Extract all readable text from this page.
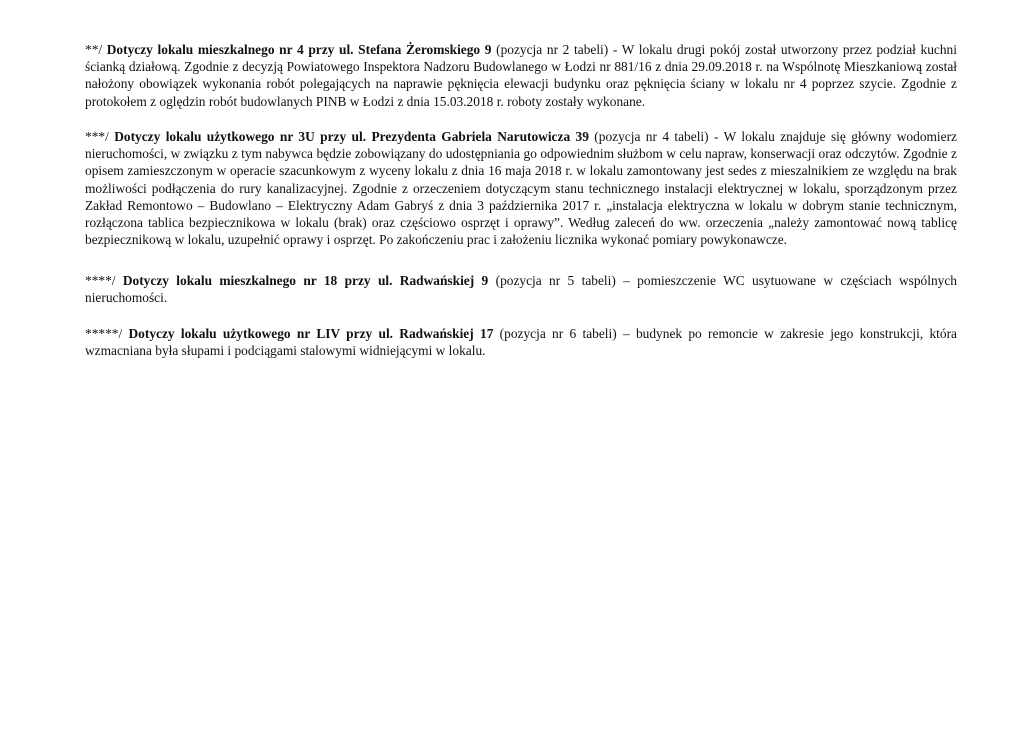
**/ Dotyczy lokalu mieszkalnego nr 4 przy ul. Stefana Żeromskiego 9 (pozycja nr 2 tabeli) - W lokalu drugi pokój został utworzony przez podział kuchni ścianką działową. Zgodnie z decyzją Powiatowego Inspektora Nadzoru Budowlanego w Łodzi nr 881/16 z dnia 29.09.2018 r. na Wspólnotę Mieszkaniową został nałożony obowiązek wykonania robót polegających na naprawie pęknięcia elewacji budynku oraz pęknięcia ściany w lokalu nr 4 poprzez szycie. Zgodnie z protokołem z oględzin robót budowlanych PINB w Łodzi z dnia 15.03.2018 r. roboty zostały wykonane.

***/ Dotyczy lokalu użytkowego nr 3U przy ul. Prezydenta Gabriela Narutowicza 39 (pozycja nr 4 tabeli) - W lokalu znajduje się główny wodomierz nieruchomości, w związku z tym nabywca będzie zobowiązany do udostępniania go odpowiednim służbom w celu napraw, konserwacji oraz odczytów. Zgodnie z opisem zamieszczonym w operacie szacunkowym z wyceny lokalu z dnia 16 maja 2018 r. w lokalu zamontowany jest sedes z mieszalnikiem ze względu na brak możliwości podłączenia do rury kanalizacyjnej. Zgodnie z orzeczeniem dotyczącym stanu technicznego instalacji elektrycznej w lokalu, sporządzonym przez Zakład Remontowo – Budowlano – Elektryczny Adam Gabryś z dnia 3 października 2017 r. „instalacja elektryczna w lokalu w dobrym stanie technicznym, rozłączona tablica bezpiecznikowa w lokalu (brak) oraz częściowo osprzęt i oprawy”. Według zaleceń do ww. orzeczenia „należy zamontować nową tablicę bezpiecznikową w lokalu, uzupełnić oprawy i osprzęt. Po zakończeniu prac i założeniu licznika wykonać pomiary powykonawcze.

****/ Dotyczy lokalu mieszkalnego nr 18 przy ul. Radwańskiej 9 (pozycja nr 5 tabeli) – pomieszczenie WC usytuowane w częściach wspólnych nieruchomości.

*****/ Dotyczy lokalu użytkowego nr LIV przy ul. Radwańskiej 17 (pozycja nr 6 tabeli) – budynek po remoncie w zakresie jego konstrukcji, która wzmacniana była słupami i podciągami stalowymi widniejącymi w lokalu.
